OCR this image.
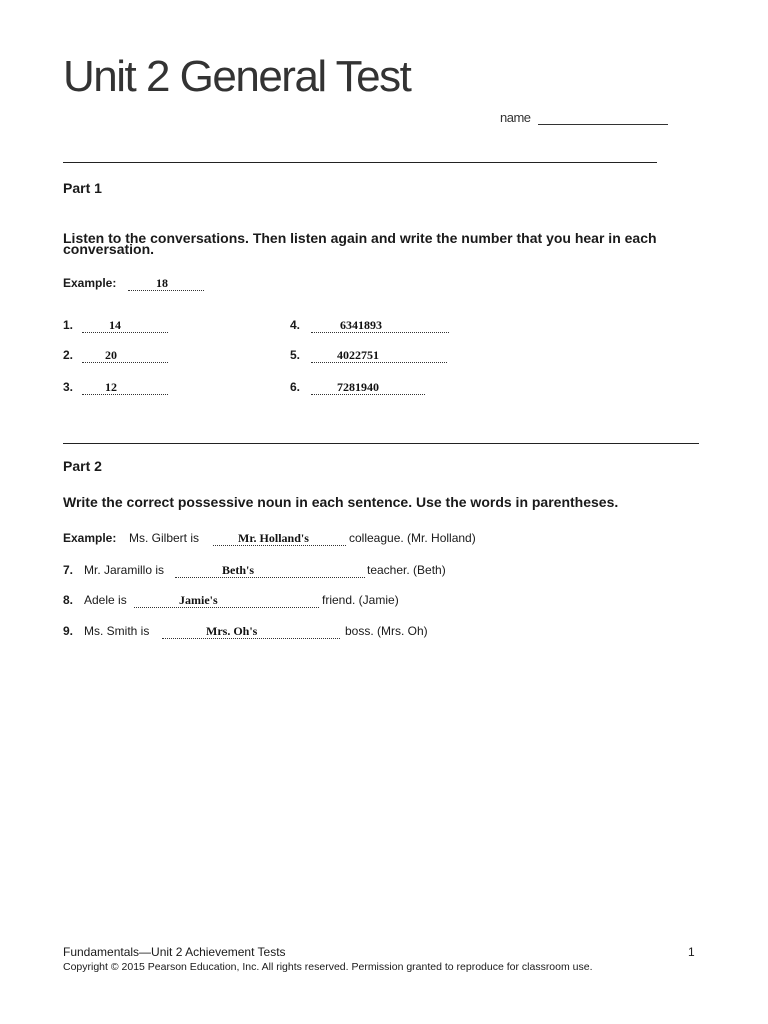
Unit 2 General Test
name
Part 1
Listen to the conversations. Then listen again and write the number that you hear in each conversation.
Example:	18
1.	14
2.	20
3.	12
4.	6341893
5.	4022751
6.	7281940
Part 2
Write the correct possessive noun in each sentence. Use the words in parentheses.
Example: Ms. Gilbert is	Mr. Holland's	colleague. (Mr. Holland)
7. Mr. Jaramillo is	Beth's	teacher. (Beth)
8. Adele is	Jamie's	friend. (Jamie)
9. Ms. Smith is	Mrs. Oh's	boss. (Mrs. Oh)
Fundamentals—Unit 2 Achievement Tests	1
Copyright © 2015 Pearson Education, Inc. All rights reserved. Permission granted to reproduce for classroom use.
